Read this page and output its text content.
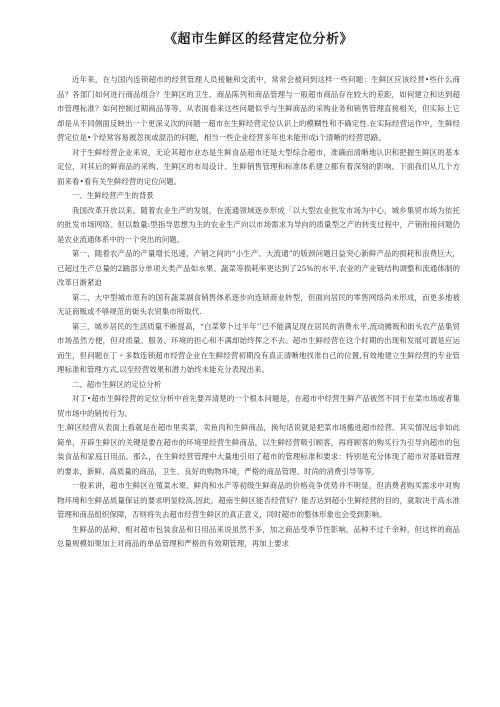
《超市生鲜区的经营定位分析》

近年来，在与国内连锁超市的经营管理人员接触和交流中，常常会被问到这样一些问题：生鲜区应该经营•些什么商品？各部门如何进行商品组合？生鲜区的卫生、商品陈列和商品管理与一般超市商品存在较大的差距，如何建立和达到超市管理标准？如何控制过期商品等等。从表面看来这些问题似乎与生鲜商品的采购业务和销售管理直接相关，但实际上它却是从不同侧面反映出一个更深义次的问题一超市在生鲜经营定位认识上的模糊性和不确定性.在实际经营运作中，生鲜经营定位是•个经常容易被忽视或混沿的问题，相当一些企业经营多年也未能形成i个清晰的经营思路。

对于生鲜经营企业来说，无论其超市业态是生鲜食品超市还是大型综合超市，准确而清晰地认识和把握生鲜区的基本定位，对其后的鲜商品的采购、生鲜区的布局设计、生鲜销售管理和标准体系建立都有着深刻的影响。下面我们从几个方面来看•看有关生鲜经营的定位问题。

一、生鲜经营产生的背景

我国改革开放以来，随着农业生产的发展，在流通领域逐步形成「以大型农业批发市场为中心，城乡集贸市场为依托的批发市场网络。但以数量:型指导思想为主的农业生产向以市场需求为导向的质量型之产的转变过程中，产销衔接问题仍是农业流通体系中的一个突出的问题。

第一，随着农产品的产量增长迅速，产销之间的“小生产、大流通”的版颈问题日益突心新鲜产品的损耗和浪费巨大，已超过生产总量的2踹部分单项大类产品如水果、蔬菜等损耗率更达到了25%的水平,农业的产业链结构调整和流通体制的改革日渐紧迫

第二，大中型城市原有的国有蔬菜副食销售体系逐步向连锁商业转型，但面向居民的零售网络尚未形成，而更多地被无证商贩或不够规范的街头农贸集市所取代.

第三，城乡居民的生活质量不断提高，“白菜萝卜过半年’’已不能满足现在居民的消费水平,流动摊贩和街头农产品集贸市场虽然方便，但对质量、服务、环境的担心和不满却始终挥之不去。超市生鲜经营在这个时期的出现和发展可谓是应运而生，但问题在丁・多数连锁超市经营企业在生鲜经营初期没有真正清晰地找准自己的位置,有效地建立生鲜经营的专业管理标准和管理方式,以至经营效果和潜力始终未能充分表现出来。

二、超市生鲜区的定位分析

对丁•超市生鲜经营的定位分析中首先要弄清楚的一个根本问题是，在超市中经营生鲜产品被然不同于在菜市场或者集贸市场中的销传行为。

生.鲜区经营从表面上看就是在超市里卖菜，卖鱼肉和生鲜商品，换句话说就是把菜市场搬进超市经营。其实情况远非如此简单，开辟生鲜区的关键是要在超市的环境里经营生鲜商品，以生鲜经营吸引顾客，再将顾客的购买行为引导向超市的包装食品和家庭日用品。那么，在生鲜经营管理中大量地引用了超市的管理标准和要求：特别是充分体现了超市对基础管理的要求，新鲜、高质量的商品，卫生、良好的购物环境，严格的商品管理、时尚的消费引导等等。

一般来讲，超市生鲜区在殖菜水果、鲜肉和水产等初级生鲜商品的价格竞争优势并不明显，但消费者购买需求中对购物环境和生鲜品质量保证的要求明显较高,因此，超南生鲜区能否经营好？能否达到超小生鲜经营的目的，就取决于高水准管理和商品组织保障，否则将失去超市经营生鲜区的真正意义，同时超市的整体形象也会受到影响。

生鲜品的品种，相对超市包装食品和日用品来说虽然不多，加之商品受季节性影响，品种不过千余种，但这样的商品总量规模如果加上对商品的单品管理和严格的有效期管理，再加上要求
